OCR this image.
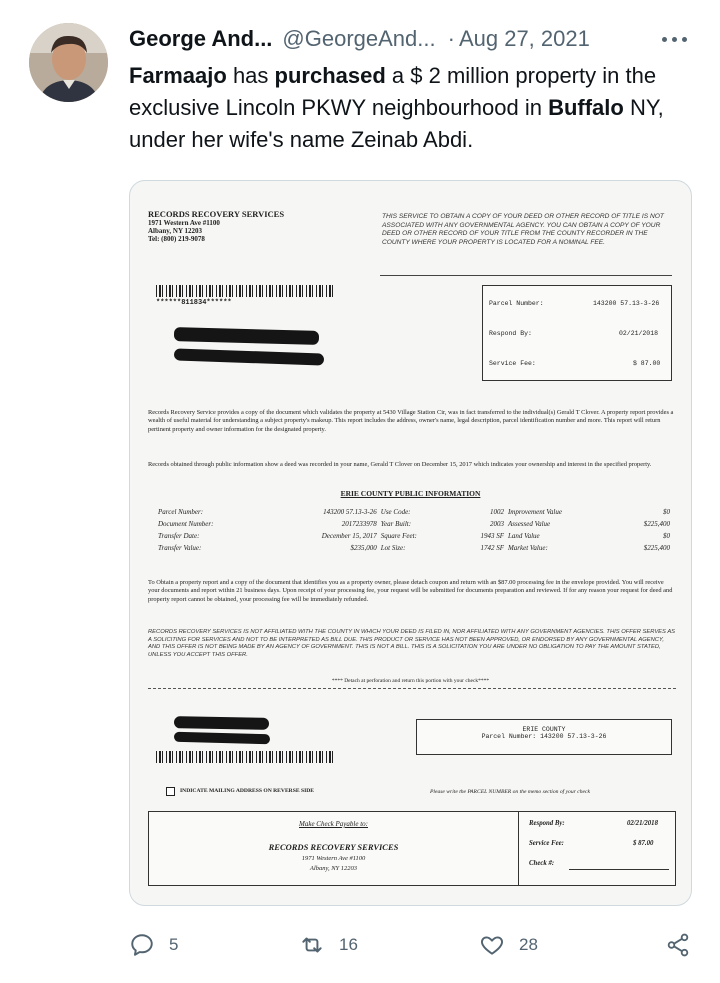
George And... @GeorgeAnd... · Aug 27, 2021
Farmaajo has purchased a $ 2 million property in the exclusive Lincoln PKWY neighbourhood in Buffalo NY, under her wife's name Zeinab Abdi.
RECORDS RECOVERY SERVICES
1971 Western Ave #1100
Albany, NY 12203
Tel: (800) 219-9078
THIS SERVICE TO OBTAIN A COPY OF YOUR DEED OR OTHER RECORD OF TITLE IS NOT ASSOCIATED WITH ANY GOVERNMENTAL AGENCY. YOU CAN OBTAIN A COPY OF YOUR DEED OR OTHER RECORD OF YOUR TITLE FROM THE COUNTY RECORDER IN THE COUNTY WHERE YOUR PROPERTY IS LOCATED FOR A NOMINAL FEE.
******811834******	Parcel Number:	143200 57.13-3-26
Respond By:	02/21/2018
Service Fee:	$ 87.00
Records Recovery Service provides a copy of the document which validates the property at 5430 Village Station Cir, was in fact transferred to the individual(s) Gerald T Clover. A property report provides a wealth of useful material for understanding a subject property's makeup. This report includes the address, owner's name, legal description, parcel identification number and more. This report will return pertinent property and owner information for the designated property.
Records obtained through public information show a deed was recorded in your name, Gerald T Clover on December 15, 2017 which indicates your ownership and interest in the specified property.
ERIE COUNTY PUBLIC INFORMATION
Parcel Number:	143200 57.13-3-26	Use Code:	1002	Improvement Value	$0
Document Number:	2017233978	Year Built:	2003	Assessed Value	$225,400
Transfer Date:	December 15, 2017	Square Feet:	1943 SF	Land Value	$0
Transfer Value:	$235,000	Lot Size:	1742 SF	Market Value:	$225,400
To Obtain a property report and a copy of the document that identifies you as a property owner, please detach coupon and return with an $87.00 processing fee in the envelope provided. You will receive your documents and report within 21 business days. Upon receipt of your processing fee, your request will be submitted for documents preparation and reviewed. If for any reason your request for deed and property report cannot be obtained, your processing fee will be immediately refunded.
RECORDS RECOVERY SERVICES IS NOT AFFILIATED WITH THE COUNTY IN WHICH YOUR DEED IS FILED IN, NOR AFFILIATED WITH ANY GOVERNMENT AGENCIES. THIS OFFER SERVES AS A SOLICITING FOR SERVICES AND NOT TO BE INTERPRETED AS BILL DUE. THIS PRODUCT OR SERVICE HAS NOT BEEN APPROVED, OR ENDORSED BY ANY GOVERNMENTAL AGENCY, AND THIS OFFER IS NOT BEING MADE BY AN AGENCY OF GOVERNMENT. THIS IS NOT A BILL. THIS IS A SOLICITATION YOU ARE UNDER NO OBLIGATION TO PAY THE AMOUNT STATED, UNLESS YOU ACCEPT THIS OFFER.
**** Detach at perforation and return this portion with your check****
ERIE COUNTY
Parcel Number: 143200 57.13-3-26
INDICATE MAILING ADDRESS ON REVERSE SIDE	Please write the PARCEL NUMBER on the memo section of your check
Make Check Payable to:
RECORDS RECOVERY SERVICES
1971 Western Ave #1100
Albany, NY 12203
Respond By:	02/21/2018
Service Fee:	$ 87.00
Check #:
5	16	28
